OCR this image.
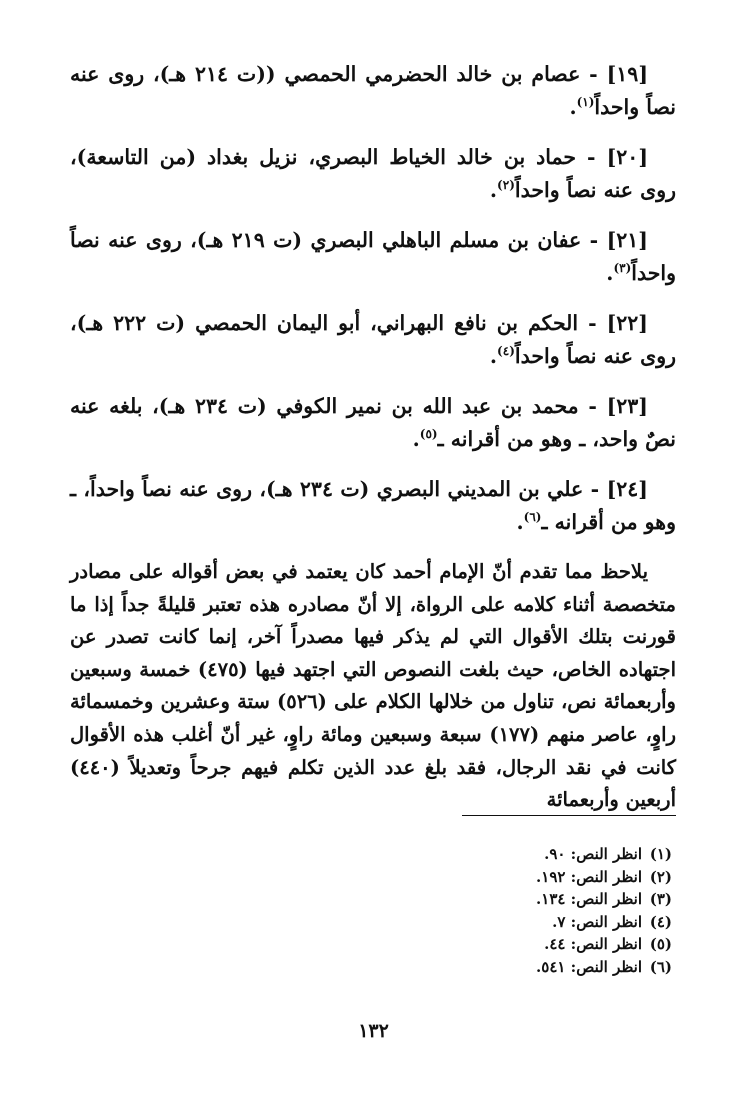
[١٩] - عصام بن خالد الحضرمي الحمصي ((ت ٢١٤ هـ)، روى عنه نصاً واحداً$^{(١)}$.

[٢٠] - حماد بن خالد الخياط البصري، نزيل بغداد (من التاسعة)، روى عنه نصاً واحداً$^{(٢)}$.

[٢١] - عفان بن مسلم الباهلي البصري (ت ٢١٩ هـ)، روى عنه نصاً واحداً$^{(٣)}$.

[٢٢] - الحكم بن نافع البهراني، أبو اليمان الحمصي (ت ٢٢٢ هـ)، روى عنه نصاً واحداً$^{(٤)}$.

[٢٣] - محمد بن عبد الله بن نمير الكوفي (ت ٢٣٤ هـ)، بلغه عنه نصٌ واحد، ـ وهو من أقرانه ـ$^{(٥)}$.

[٢٤] - علي بن المديني البصري (ت ٢٣٤ هـ)، روى عنه نصاً واحداً، ـ وهو من أقرانه ـ$^{(٦)}$.

يلاحظ مما تقدم أنّ الإمام أحمد كان يعتمد في بعض أقواله على مصادر متخصصة أثناء كلامه على الرواة، إلا أنّ مصادره هذه تعتبر قليلةً جداً إذا ما قورنت بتلك الأقوال التي لم يذكر فيها مصدراً آخر، إنما كانت تصدر عن اجتهاده الخاص، حيث بلغت النصوص التي اجتهد فيها (٤٧٥) خمسة وسبعين وأربعمائة نص، تناول من خلالها الكلام على (٥٢٦) ستة وعشرين وخمسمائة راوٍ، عاصر منهم (١٧٧) سبعة وسبعين ومائة راوٍ، غير أنّ أغلب هذه الأقوال كانت في نقد الرجال، فقد بلغ عدد الذين تكلم فيهم جرحاً وتعديلاً (٤٤٠) أربعين وأربعمائة

(١)انظر النص: ٩٠.
(٢)انظر النص: ١٩٢.
(٣)انظر النص: ١٣٤.
(٤)انظر النص: ٧.
(٥)انظر النص: ٤٤.
(٦)انظر النص: ٥٤١.
١٣٢
